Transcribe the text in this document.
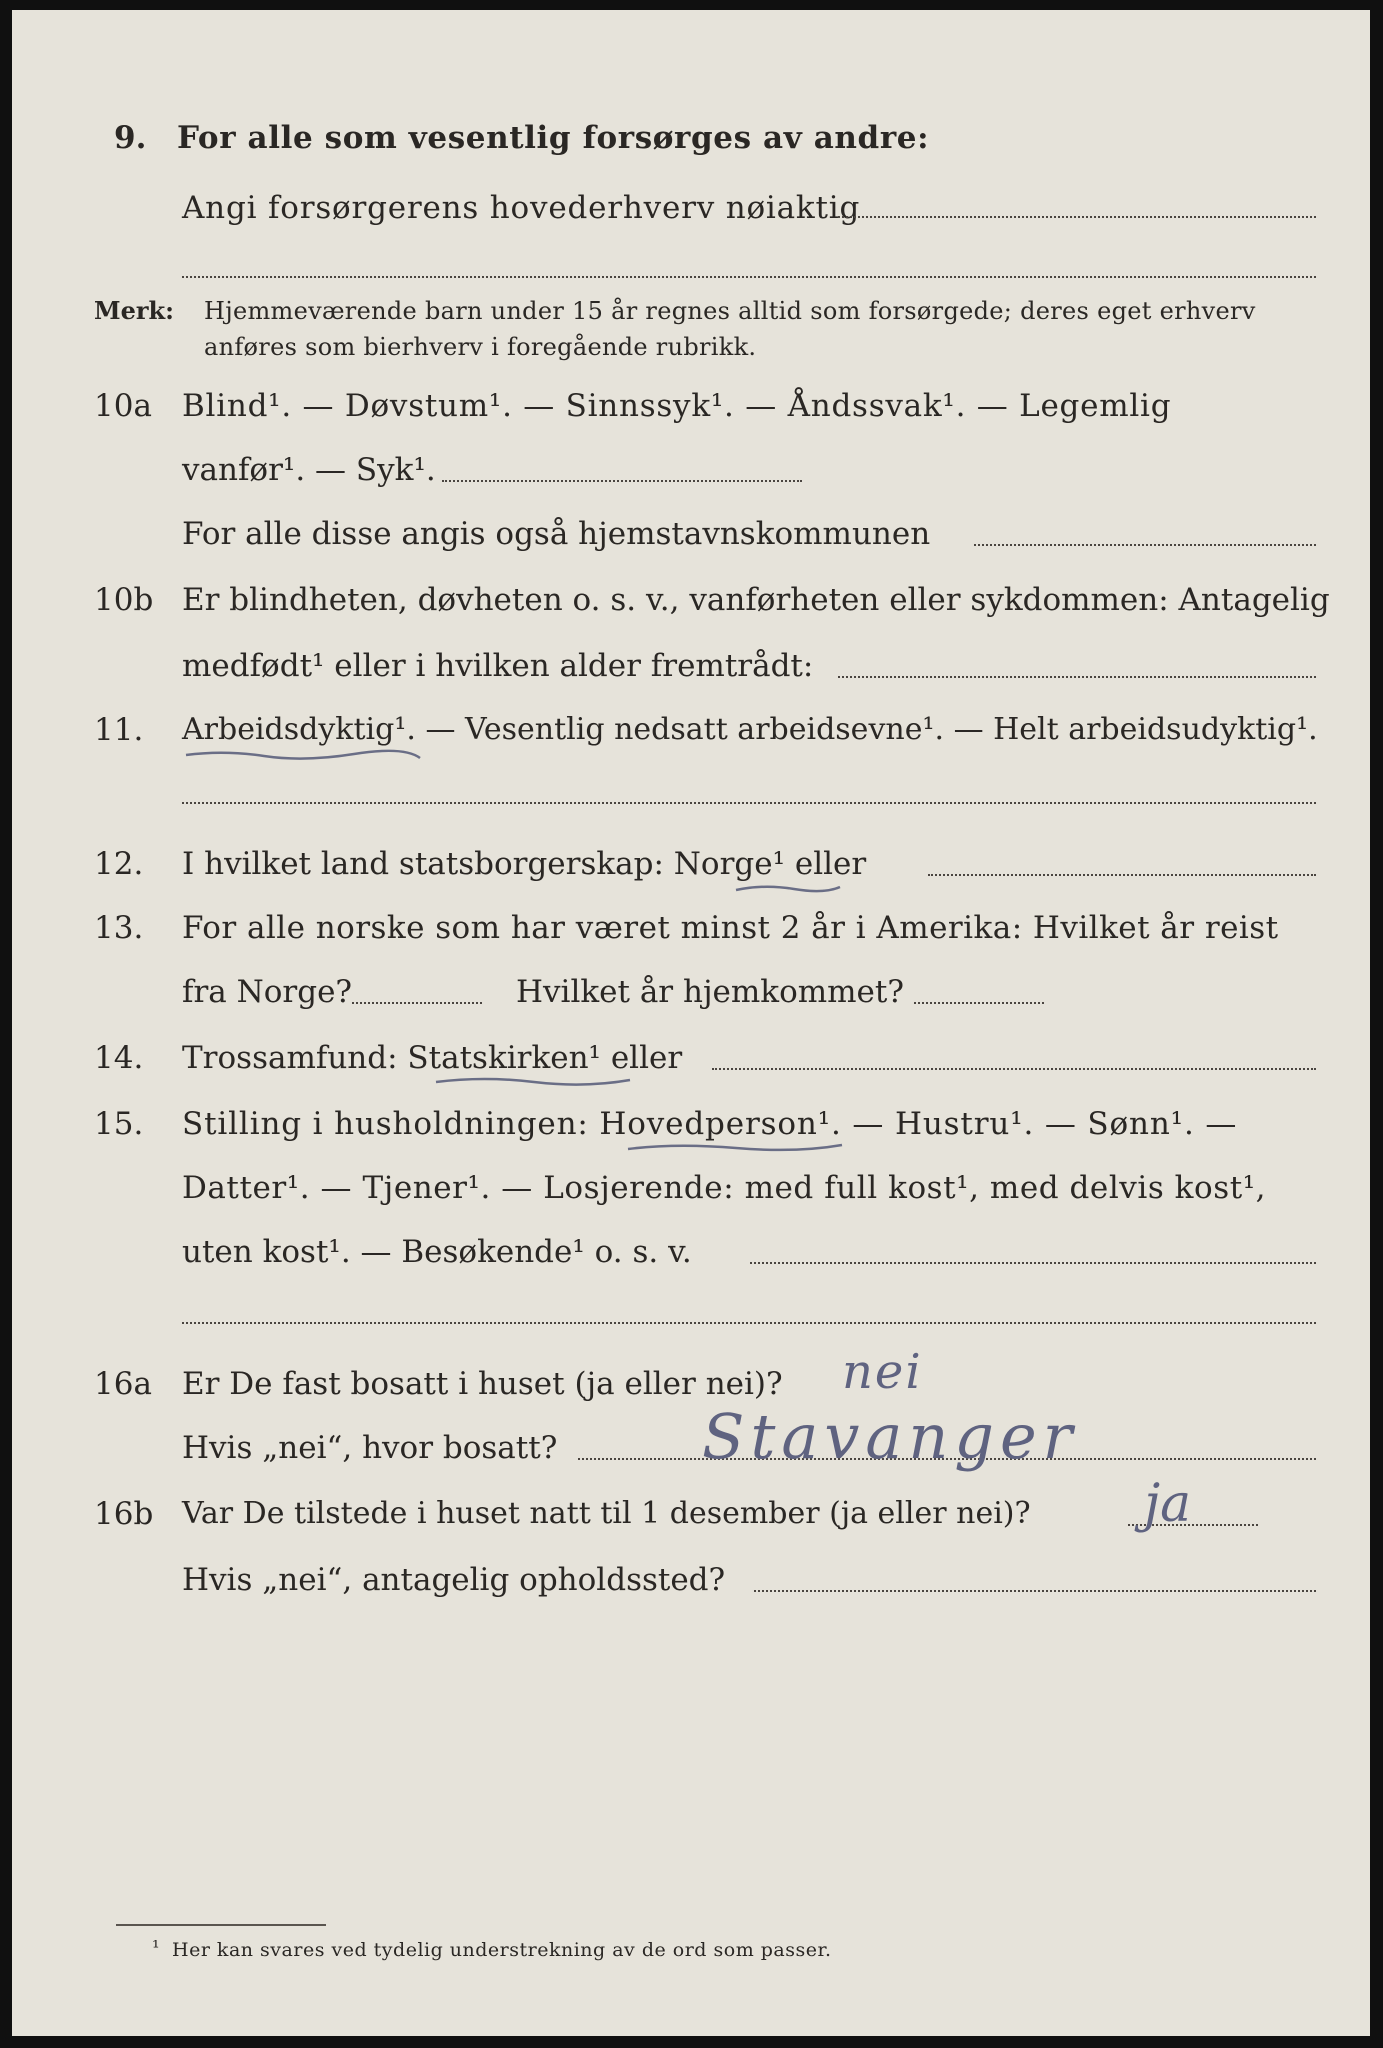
9. For alle som vesentlig forsørges av andre:
Angi forsørgerens hovederhverv nøiaktig
Merk: Hjemmeværende barn under 15 år regnes alltid som forsørgede; deres eget erhverv
anføres som bierhverv i foregående rubrikk.
10a Blind¹. — Døvstum¹. — Sinnssyk¹. — Åndssvak¹. — Legemlig
vanfør¹. — Syk¹.
For alle disse angis også hjemstavnskommunen
10b Er blindheten, døvheten o. s. v., vanførheten eller sykdommen: Antagelig
medfødt¹ eller i hvilken alder fremtrådt:
11. Arbeidsdyktig¹. — Vesentlig nedsatt arbeidsevne¹. — Helt arbeidsudyktig¹.
12. I hvilket land statsborgerskap: Norge¹ eller
13. For alle norske som har været minst 2 år i Amerika: Hvilket år reist
fra Norge?	Hvilket år hjemkommet?
14. Trossamfund: Statskirken¹ eller
15. Stilling i husholdningen: Hovedperson¹. — Hustru¹. — Sønn¹. —
Datter¹. — Tjener¹. — Losjerende: med full kost¹, med delvis kost¹,
uten kost¹. — Besøkende¹ o. s. v.
16a Er De fast bosatt i huset (ja eller nei)? nei
Hvis „nei“, hvor bosatt? Stavanger
16b Var De tilstede i huset natt til 1 desember (ja eller nei)? ja
Hvis „nei“, antagelig opholdssted?
¹ Her kan svares ved tydelig understrekning av de ord som passer.
